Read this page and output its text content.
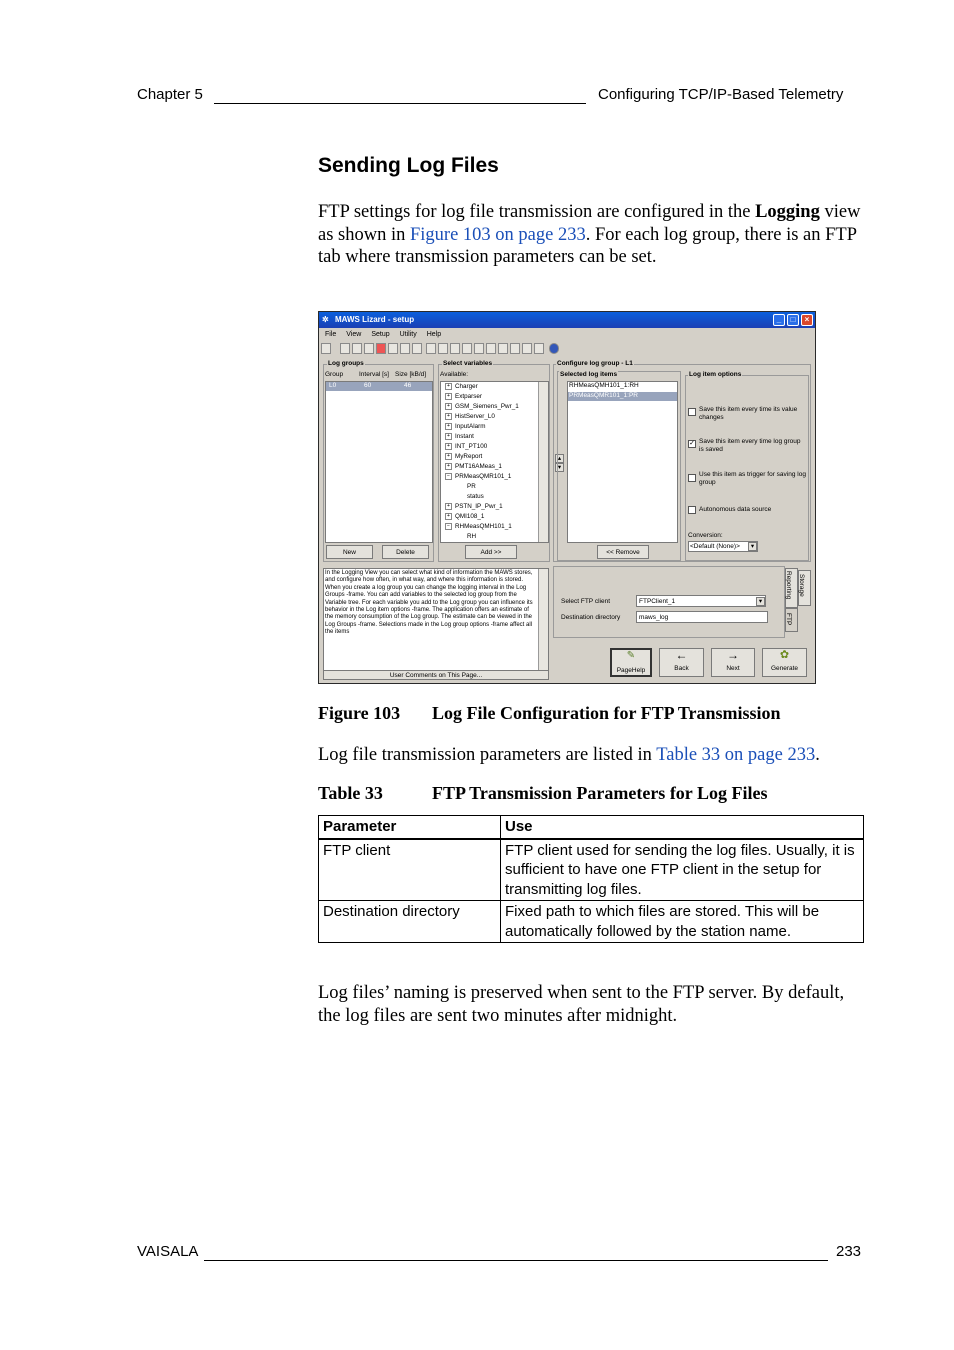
Chapter 5	Configuring TCP/IP-Based Telemetry
Sending Log Files
FTP settings for log file transmission are configured in the Logging view as shown in Figure 103 on page 233. For each log group, there is an FTP tab where transmission parameters can be set.
✲ MAWS Lizard - setup	_	□	×
File View Setup Utility Help
Log groups
Group	Interval [s] Size [kB/d]
L0	60	46
New	Delete
Select variables
Available:
+ Charger
+ Extparser
+ GSM_Siemens_Pwr_1
+ HistServer_L0
+ InputAlarm
+ Instant
+ INT_PT100
+ MyReport
+ PMT16AMeas_1
− PRMeasQMR101_1
PR
status
+ PSTN_IP_Pwr_1
+ QMI108_1
− RHMeasQMH101_1
RH
Add >>
▴
▾
Configure log group - L1
Selected log items
RHMeasQMH101_1:RH
PRMeasQMR101_1:PR
<< Remove
Log item options
Save this item every time its value changes
✓ Save this item every time log group is saved
Use this item as trigger for saving log group
Autonomous data source
Conversion:
<Default (None)>	▾
In the Logging View you can select what kind of information the MAWS stores, and configure how often, in what way, and where this information is stored. When you create a log group you can change the logging interval in the Log Groups -frame. You can add variables to the selected log group from the Variable tree. For each variable you add to the Log group you can influence its behavior in the Log item options -frame. The application offers an estimate of the memory consumption of the Log group. The estimate can be viewed in the Log Groups -frame. Selections made in the Log group options -frame affect all the items
User Comments on This Page...
Select FTP client	FTPClient_1	▾
Destination directory	maws_log
Reporting Storage
FTP
✎
PageHelp
←
Back
→
Next
✿
Generate
Figure 103 Log File Configuration for FTP Transmission
Log file transmission parameters are listed in Table 33 on page 233.
Table 33	FTP Transmission Parameters for Log Files
Parameter	Use
FTP client	FTP client used for sending the log files. Usually, it is sufficient to have one FTP client in the setup for transmitting log files.
Destination directory	Fixed path to which files are stored. This will be automatically followed by the station name.
Log files’ naming is preserved when sent to the FTP server. By default, the log files are sent two minutes after midnight.
VAISALA	233
